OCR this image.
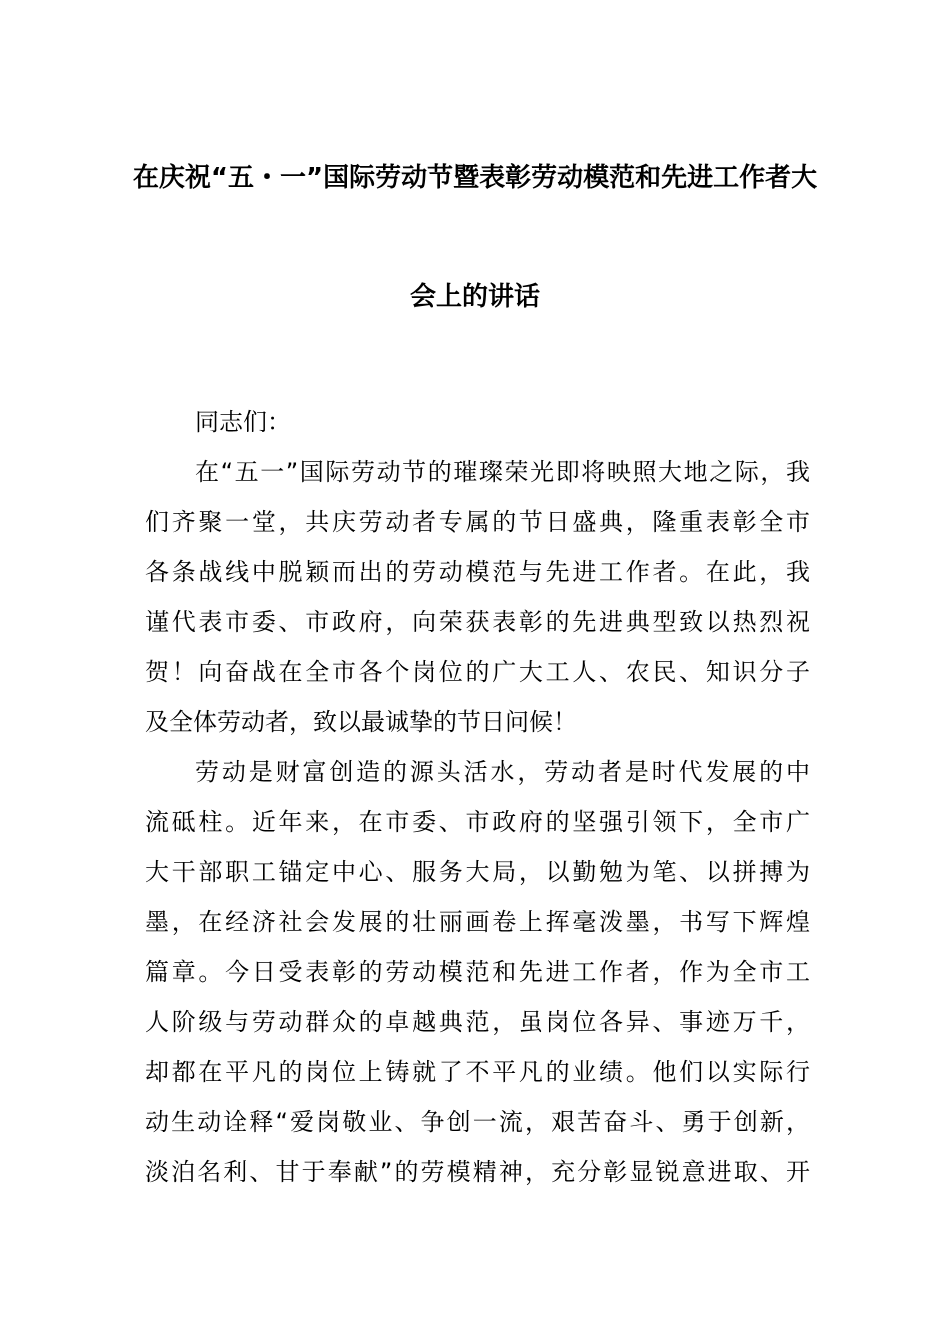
在庆祝“五・一”国际劳动节暨表彰劳动模范和先进工作者大
会上的讲话
同志们：
在“五一”国际劳动节的璀璨荣光即将映照大地之际，我
们齐聚一堂，共庆劳动者专属的节日盛典，隆重表彰全市
各条战线中脱颖而出的劳动模范与先进工作者。在此，我
谨代表市委、市政府，向荣获表彰的先进典型致以热烈祝
贺！向奋战在全市各个岗位的广大工人、农民、知识分子
及全体劳动者，致以最诚挚的节日问候！
劳动是财富创造的源头活水，劳动者是时代发展的中
流砥柱。近年来，在市委、市政府的坚强引领下，全市广
大干部职工锚定中心、服务大局，以勤勉为笔、以拼搏为
墨，在经济社会发展的壮丽画卷上挥毫泼墨，书写下辉煌
篇章。今日受表彰的劳动模范和先进工作者，作为全市工
人阶级与劳动群众的卓越典范，虽岗位各异、事迹万千，
却都在平凡的岗位上铸就了不平凡的业绩。他们以实际行
动生动诠释“爱岗敬业、争创一流，艰苦奋斗、勇于创新，
淡泊名利、甘于奉献”的劳模精神，充分彰显锐意进取、开
